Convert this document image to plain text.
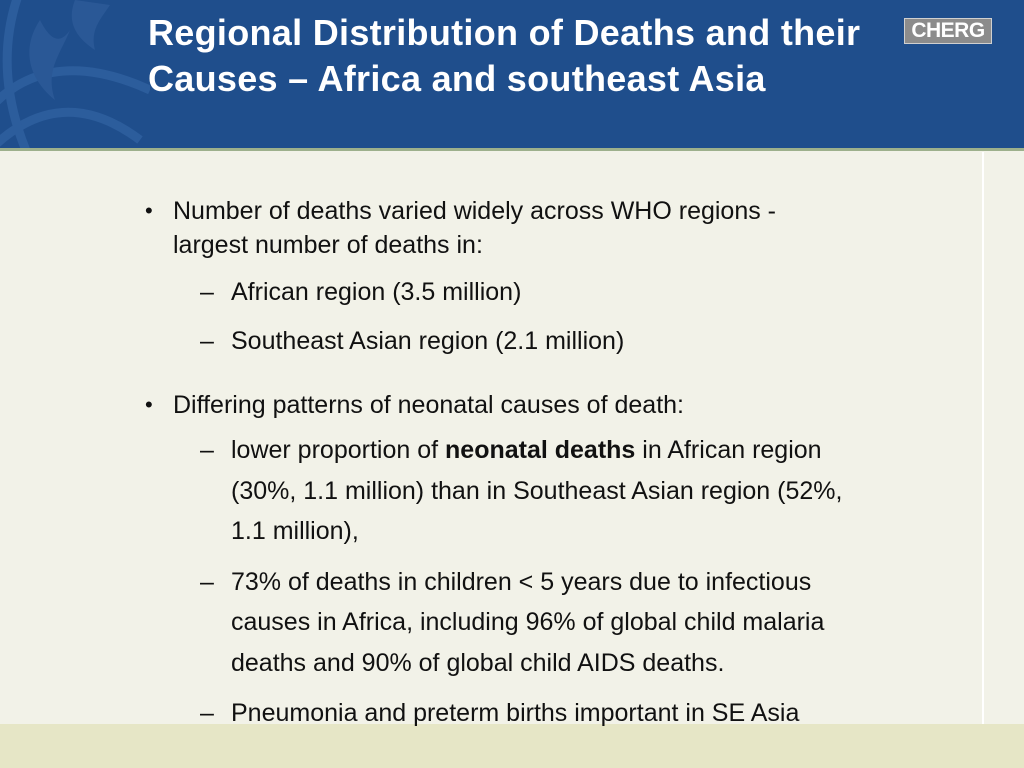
Regional Distribution of Deaths and their Causes – Africa and southeast Asia
CHERG
• Number of deaths varied widely across WHO regions -

largest number of deaths in:

– African region (3.5 million)

– Southeast Asian region (2.1 million)

• Differing patterns of neonatal causes of death:

– lower proportion of neonatal deaths in African region

(30%, 1.1 million) than in Southeast Asian region (52%,

1.1 million),

– 73% of deaths in children < 5 years due to infectious

causes in Africa, including 96% of global child malaria

deaths and 90% of global child AIDS deaths.

– Pneumonia and preterm births important in SE Asia
